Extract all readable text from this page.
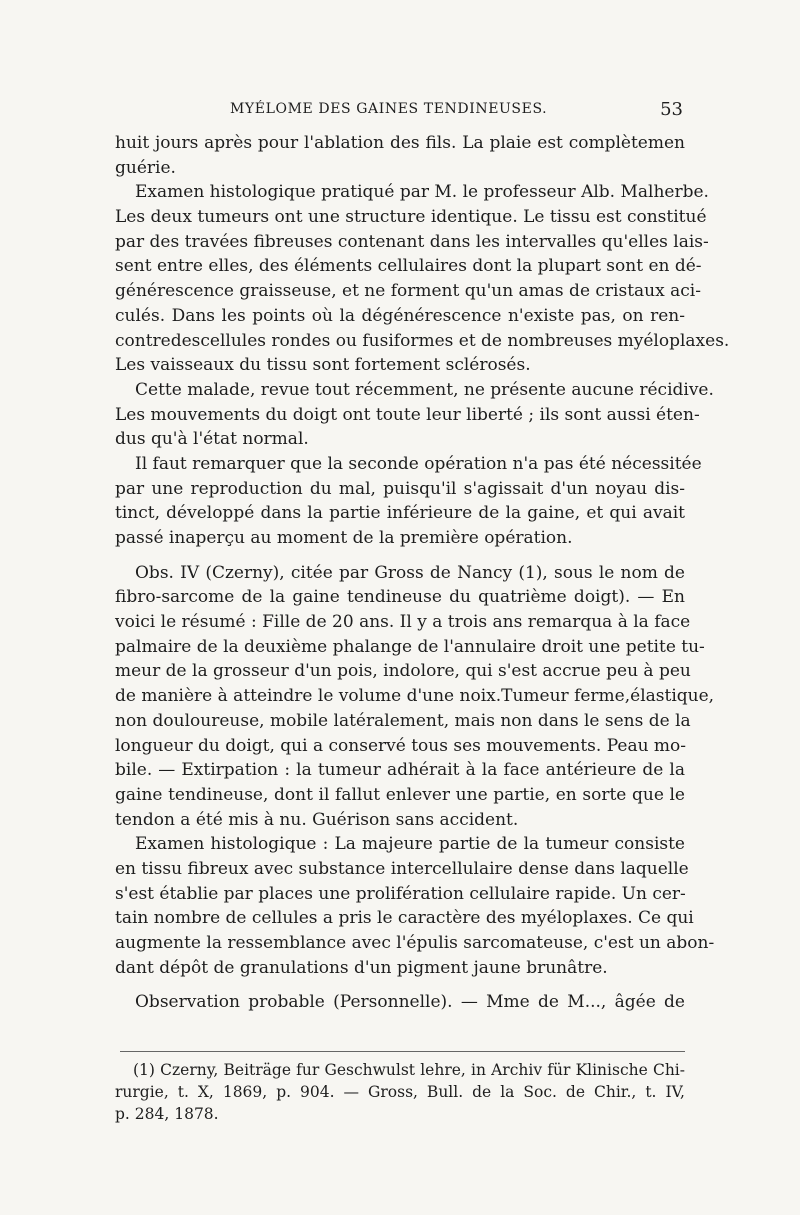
MYÉLOME DES GAINES TENDINEUSES.	53
huit jours après pour l'ablation des fils. La plaie est complètemen
guérie.
Examen histologique pratiqué par M. le professeur Alb. Malherbe.
Les deux tumeurs ont une structure identique. Le tissu est constitué
par des travées fibreuses contenant dans les intervalles qu'elles lais-
sent entre elles, des éléments cellulaires dont la plupart sont en dé-
générescence graisseuse, et ne forment qu'un amas de cristaux aci-
culés. Dans les points où la dégénérescence n'existe pas, on ren-
contredescellules rondes ou fusiformes et de nombreuses myéloplaxes.
Les vaisseaux du tissu sont fortement sclérosés.
Cette malade, revue tout récemment, ne présente aucune récidive.
Les mouvements du doigt ont toute leur liberté ; ils sont aussi éten-
dus qu'à l'état normal.
Il faut remarquer que la seconde opération n'a pas été nécessitée
par une reproduction du mal, puisqu'il s'agissait d'un noyau dis-
tinct, développé dans la partie inférieure de la gaine, et qui avait
passé inaperçu au moment de la première opération.
Obs. IV (Czerny), citée par Gross de Nancy (1), sous le nom de
fibro-sarcome de la gaine tendineuse du quatrième doigt). — En
voici le résumé : Fille de 20 ans. Il y a trois ans remarqua à la face
palmaire de la deuxième phalange de l'annulaire droit une petite tu-
meur de la grosseur d'un pois, indolore, qui s'est accrue peu à peu
de manière à atteindre le volume d'une noix.Tumeur ferme,élastique,
non douloureuse, mobile latéralement, mais non dans le sens de la
longueur du doigt, qui a conservé tous ses mouvements. Peau mo-
bile. — Extirpation : la tumeur adhérait à la face antérieure de la
gaine tendineuse, dont il fallut enlever une partie, en sorte que le
tendon a été mis à nu. Guérison sans accident.
Examen histologique : La majeure partie de la tumeur consiste
en tissu fibreux avec substance intercellulaire dense dans laquelle
s'est établie par places une prolifération cellulaire rapide. Un cer-
tain nombre de cellules a pris le caractère des myéloplaxes. Ce qui
augmente la ressemblance avec l'épulis sarcomateuse, c'est un abon-
dant dépôt de granulations d'un pigment jaune brunâtre.
Observation probable (Personnelle). — Mme de M..., âgée de
(1) Czerny, Beiträge fur Geschwulst lehre, in Archiv für Klinische Chi-
rurgie, t. X, 1869, p. 904. — Gross, Bull. de la Soc. de Chir., t. IV,
p. 284, 1878.
